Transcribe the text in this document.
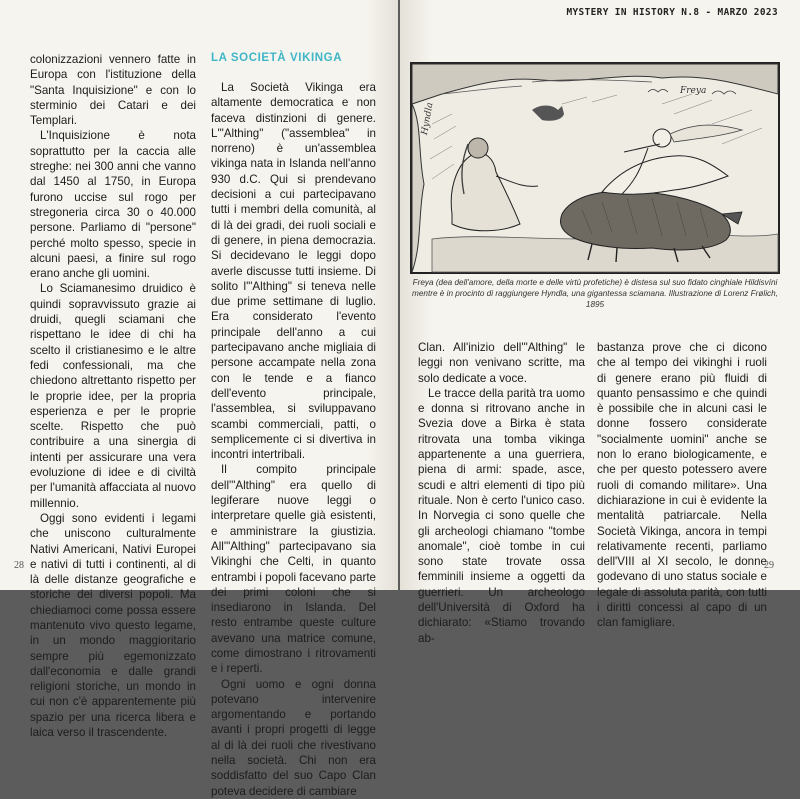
colonizzazioni vennero fatte in Europa con l'istituzione della "Santa Inquisizione" e con lo sterminio dei Catari e dei Templari.

L'Inquisizione è nota soprattutto per la caccia alle streghe: nei 300 anni che vanno dal 1450 al 1750, in Europa furono uccise sul rogo per stregoneria circa 30 o 40.000 persone. Parliamo di "persone" perché molto spesso, specie in alcuni paesi, a finire sul rogo erano anche gli uomini.

Lo Sciamanesimo druidico è quindi sopravvissuto grazie ai druidi, quegli sciamani che rispettano le idee di chi ha scelto il cristianesimo e le altre fedi confessionali, ma che chiedono altrettanto rispetto per le proprie idee, per la propria esperienza e per le proprie scelte. Rispetto che può contribuire a una sinergia di intenti per assicurare una vera evoluzione di idee e di civiltà per l'umanità affacciata al nuovo millennio.

Oggi sono evidenti i legami che uniscono culturalmente Nativi Americani, Nativi Europei e nativi di tutti i continenti, al di là delle distanze geografiche e storiche dei diversi popoli. Ma chiediamoci come possa essere mantenuto vivo questo legame, in un mondo maggioritario sempre più egemonizzato dall'economia e dalle grandi religioni storiche, un mondo in cui non c'è apparentemente più spazio per una ricerca libera e laica verso il trascendente.

LA SOCIETÀ VIKINGA

La Società Vikinga era altamente democratica e non faceva distinzioni di genere. L'"Althing" ("assemblea" in norreno) è un'assemblea vikinga nata in Islanda nell'anno 930 d.C. Qui si prendevano decisioni a cui partecipavano tutti i membri della comunità, al di là dei gradi, dei ruoli sociali e di genere, in piena democrazia. Si decidevano le leggi dopo averle discusse tutti insieme. Di solito l'"Althing" si teneva nelle due prime settimane di luglio. Era considerato l'evento principale dell'anno a cui partecipavano anche migliaia di persone accampate nella zona con le tende e a fianco dell'evento principale, l'assemblea, si sviluppavano scambi commerciali, patti, o semplicemente ci si divertiva in incontri intertribali.

Il compito principale dell'"Althing" era quello di legiferare nuove leggi o interpretare quelle già esistenti, e amministrare la giustizia. All'"Althing" partecipavano sia Vikinghi che Celti, in quanto entrambi i popoli facevano parte dei primi coloni che si insediarono in Islanda. Del resto entrambe queste culture avevano una matrice comune, come dimostrano i ritrovamenti e i reperti.

Ogni uomo e ogni donna potevano intervenire argomentando e portando avanti i propri progetti di legge al di là dei ruoli che rivestivano nella società. Chi non era soddisfatto del suo Capo Clan poteva decidere di cambiare

28
MYSTERY IN HISTORY N.8 - MARZO 2023
29
Hyndla
Freya
Freya (dea dell'amore, della morte e delle virtù profetiche) è distesa sul suo fidato cinghiale Hildisvíni mentre è in procinto di raggiungere Hyndla, una gigantessa sciamana. Illustrazione di Lorenz Frølich, 1895

Clan. All'inizio dell'"Althing" le leggi non venivano scritte, ma solo dedicate a voce.

Le tracce della parità tra uomo e donna si ritrovano anche in Svezia dove a Birka è stata ritrovata una tomba vikinga appartenente a una guerriera, piena di armi: spade, asce, scudi e altri elementi di tipo più rituale. Non è certo l'unico caso. In Norvegia ci sono quelle che gli archeologi chiamano "tombe anomale", cioè tombe in cui sono state trovate ossa femminili insieme a oggetti da guerrieri. Un archeologo dell'Università di Oxford ha dichiarato: «Stiamo trovando ab-

bastanza prove che ci dicono che al tempo dei vikinghi i ruoli di genere erano più fluidi di quanto pensassimo e che quindi è possibile che in alcuni casi le donne fossero considerate "socialmente uomini" anche se non lo erano biologicamente, e che per questo potessero avere ruoli di comando militare». Una dichiarazione in cui è evidente la mentalità patriarcale. Nella Società Vikinga, ancora in tempi relativamente recenti, parliamo dell'VIII al XI secolo, le donne godevano di uno status sociale e legale di assoluta parità, con tutti i diritti concessi al capo di un clan famigliare.
